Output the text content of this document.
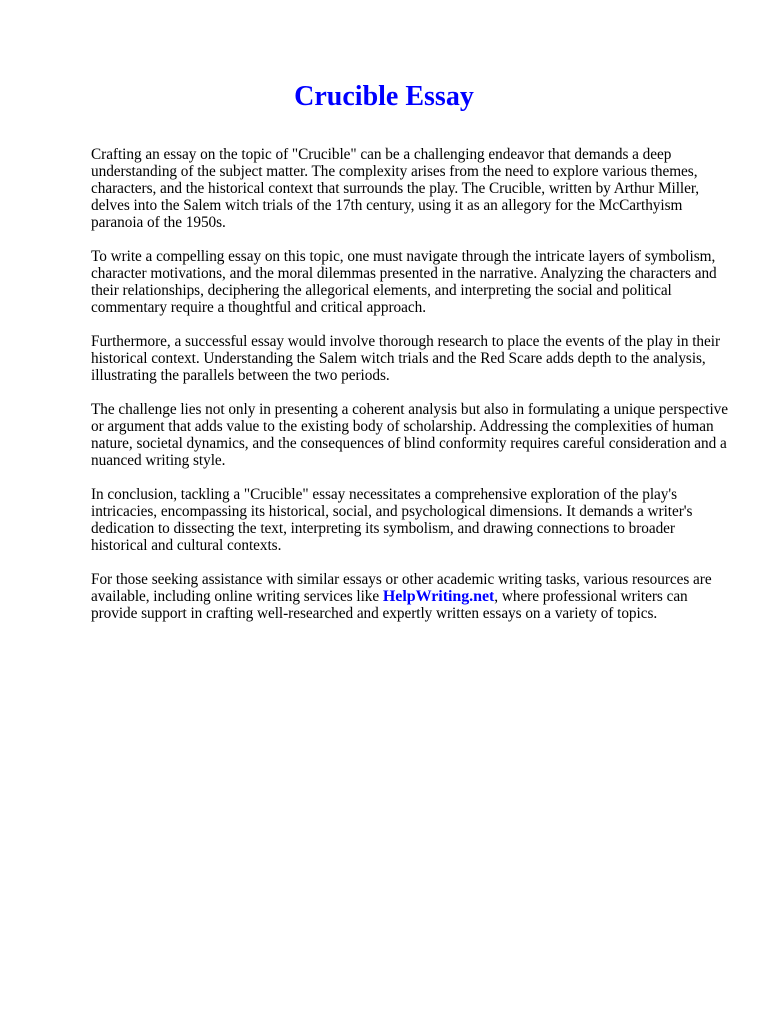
Crucible Essay

Crafting an essay on the topic of "Crucible" can be a challenging endeavor that demands a deep understanding of the subject matter. The complexity arises from the need to explore various themes, characters, and the historical context that surrounds the play. The Crucible, written by Arthur Miller, delves into the Salem witch trials of the 17th century, using it as an allegory for the McCarthyism paranoia of the 1950s.

To write a compelling essay on this topic, one must navigate through the intricate layers of symbolism, character motivations, and the moral dilemmas presented in the narrative. Analyzing the characters and their relationships, deciphering the allegorical elements, and interpreting the social and political commentary require a thoughtful and critical approach.

Furthermore, a successful essay would involve thorough research to place the events of the play in their historical context. Understanding the Salem witch trials and the Red Scare adds depth to the analysis, illustrating the parallels between the two periods.

The challenge lies not only in presenting a coherent analysis but also in formulating a unique perspective or argument that adds value to the existing body of scholarship. Addressing the complexities of human nature, societal dynamics, and the consequences of blind conformity requires careful consideration and a nuanced writing style.

In conclusion, tackling a "Crucible" essay necessitates a comprehensive exploration of the play's intricacies, encompassing its historical, social, and psychological dimensions. It demands a writer's dedication to dissecting the text, interpreting its symbolism, and drawing connections to broader historical and cultural contexts.

For those seeking assistance with similar essays or other academic writing tasks, various resources are available, including online writing services like HelpWriting.net, where professional writers can provide support in crafting well-researched and expertly written essays on a variety of topics.
